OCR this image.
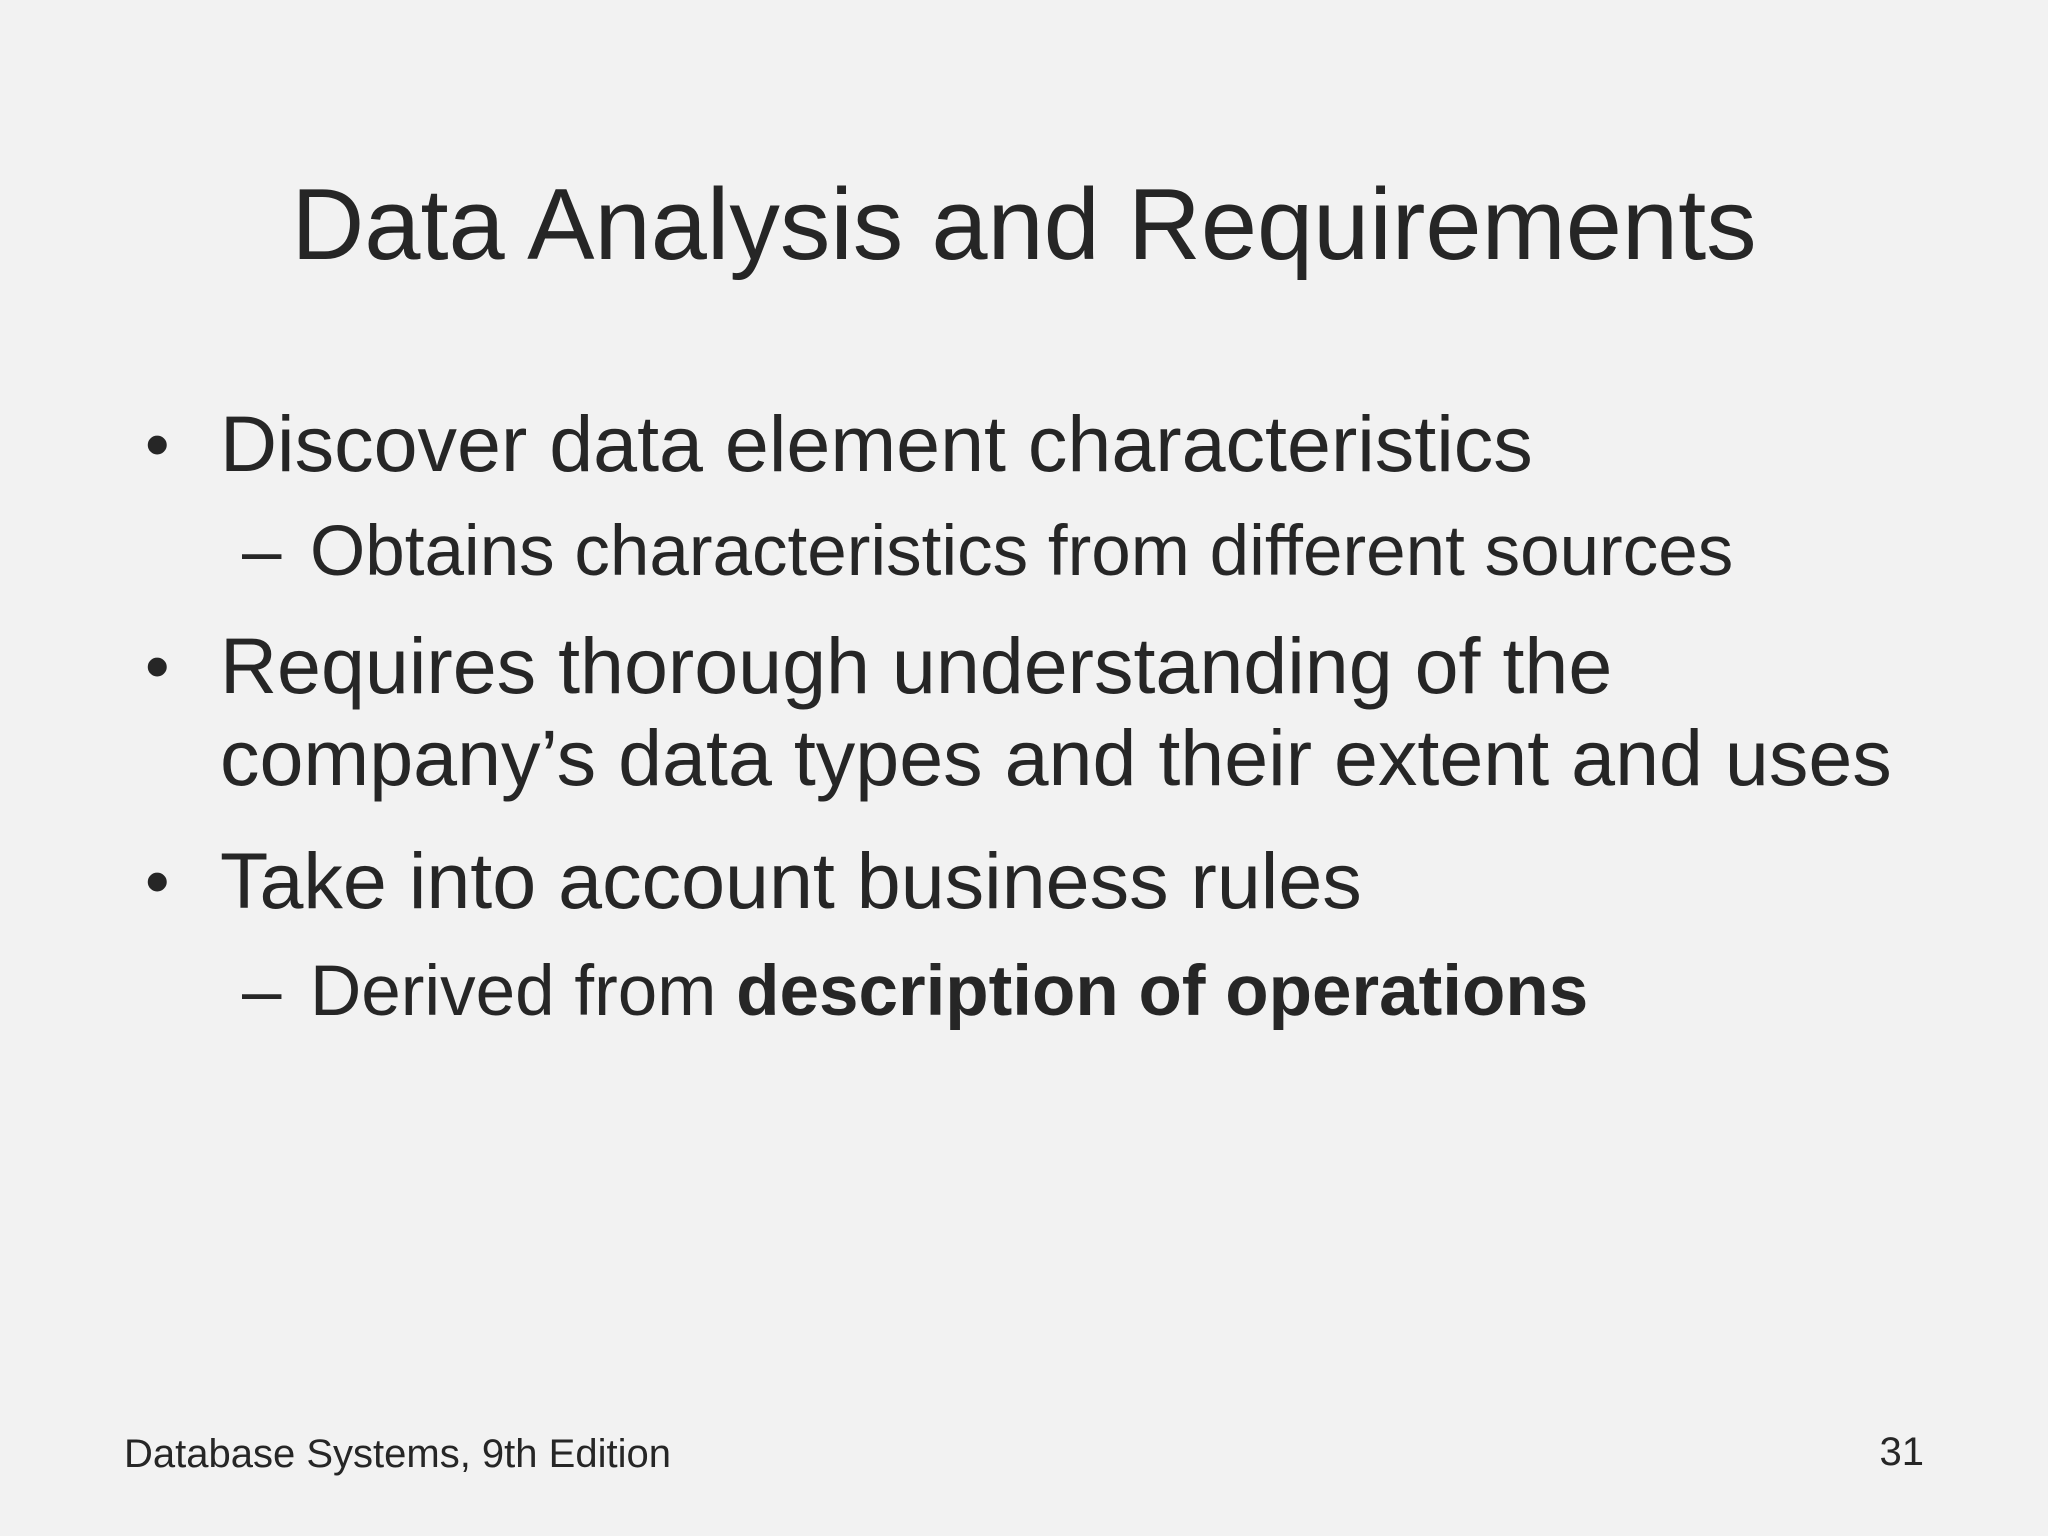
Data Analysis and Requirements
• Discover data element characteristics
– Obtains characteristics from different sources
• Requires thorough understanding of the
company’s data types and their extent and uses
• Take into account business rules
– Derived from description of operations
Database Systems, 9th Edition	31
